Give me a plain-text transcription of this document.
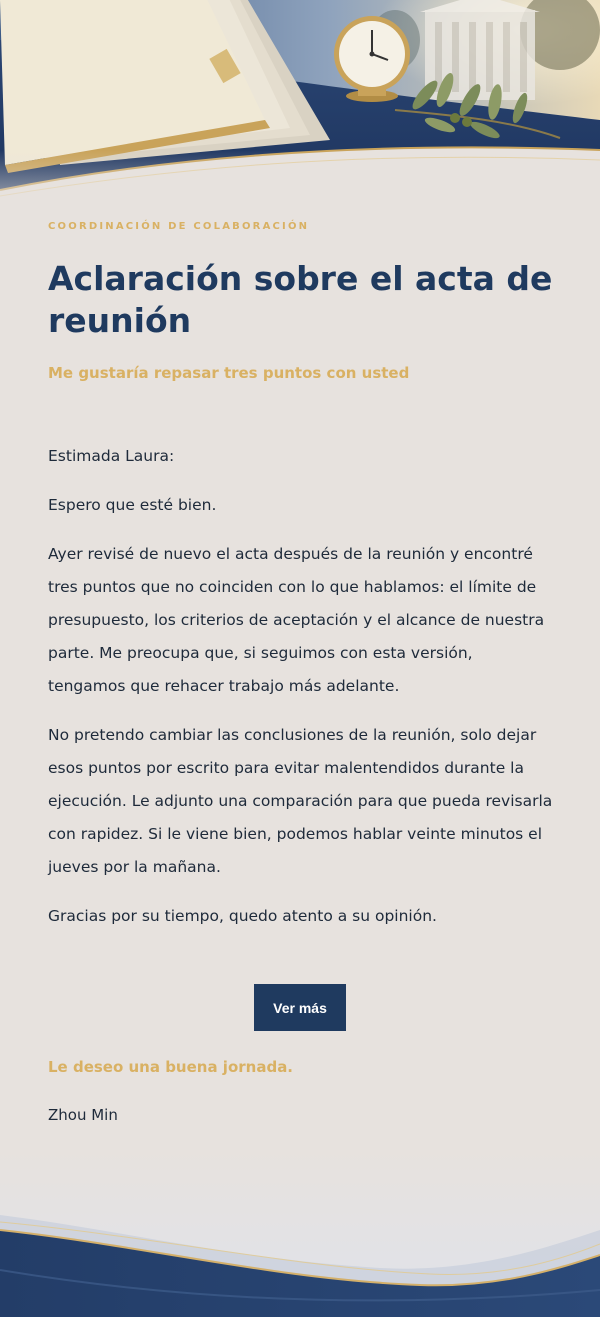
COORDINACIÓN DE COLABORACIÓN
Aclaración sobre el acta de reunión
Me gustaría repasar tres puntos con usted

Estimada Laura:

Espero que esté bien.

Ayer revisé de nuevo el acta después de la reunión y encontré tres puntos que no coinciden con lo que hablamos: el límite de presupuesto, los criterios de aceptación y el alcance de nuestra parte. Me preocupa que, si seguimos con esta versión, tengamos que rehacer trabajo más adelante.

No pretendo cambiar las conclusiones de la reunión, solo dejar esos puntos por escrito para evitar malentendidos durante la ejecución. Le adjunto una comparación para que pueda revisarla con rapidez. Si le viene bien, podemos hablar veinte minutos el jueves por la mañana.

Gracias por su tiempo, quedo atento a su opinión.

Ver más
Le deseo una buena jornada.
Zhou Min
